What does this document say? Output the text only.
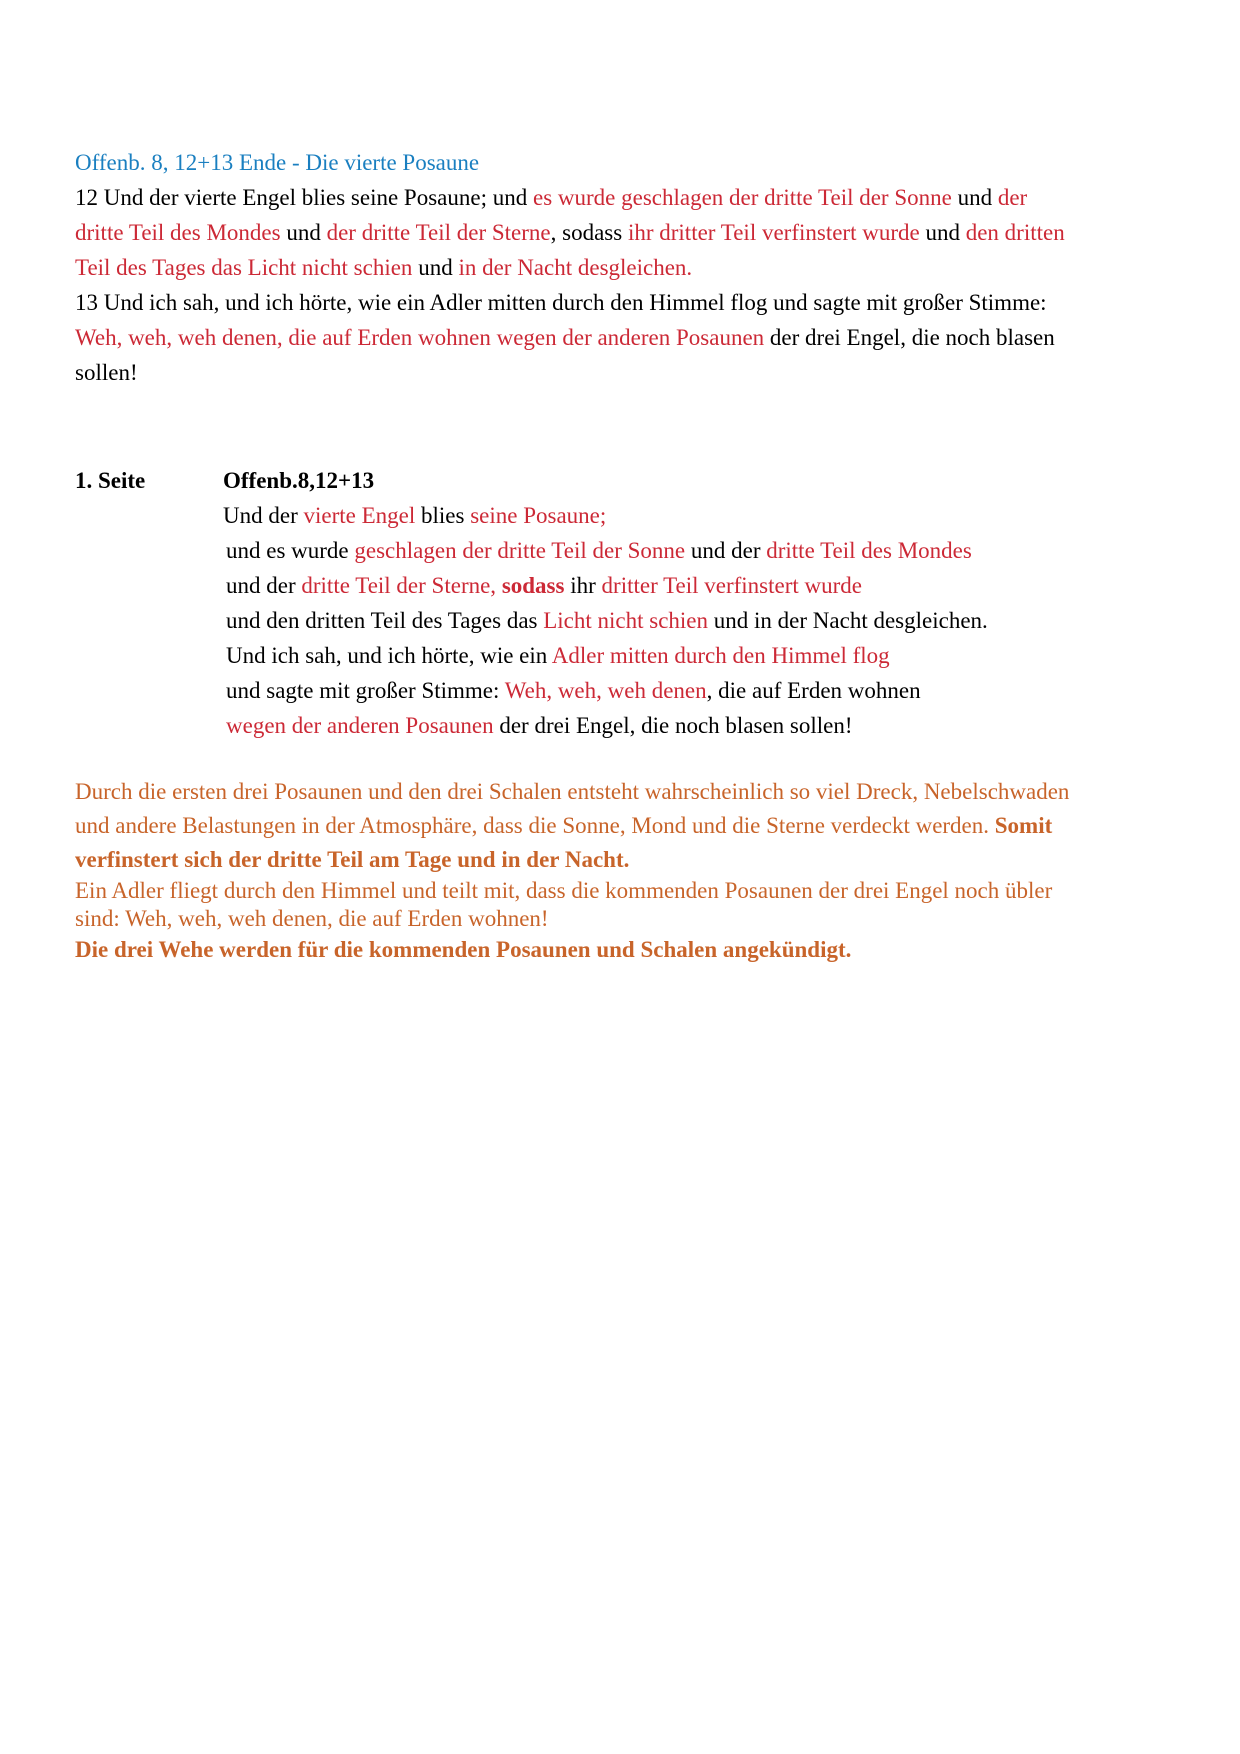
Offenb. 8, 12+13 Ende - Die vierte Posaune
12 Und der vierte Engel blies seine Posaune; und es wurde geschlagen der dritte Teil der Sonne und der
dritte Teil des Mondes und der dritte Teil der Sterne, sodass ihr dritter Teil verfinstert wurde und den dritten
Teil des Tages das Licht nicht schien und in der Nacht desgleichen.
13 Und ich sah, und ich hörte, wie ein Adler mitten durch den Himmel flog und sagte mit großer Stimme:
Weh, weh, weh denen, die auf Erden wohnen wegen der anderen Posaunen der drei Engel, die noch blasen
sollen!
1. Seite	Offenb.8,12+13
Und der vierte Engel blies seine Posaune;
und es wurde geschlagen der dritte Teil der Sonne und der dritte Teil des Mondes
und der dritte Teil der Sterne, sodass ihr dritter Teil verfinstert wurde
und den dritten Teil des Tages das Licht nicht schien und in der Nacht desgleichen.
Und ich sah, und ich hörte, wie ein Adler mitten durch den Himmel flog
und sagte mit großer Stimme: Weh, weh, weh denen, die auf Erden wohnen
wegen der anderen Posaunen der drei Engel, die noch blasen sollen!
Durch die ersten drei Posaunen und den drei Schalen entsteht wahrscheinlich so viel Dreck, Nebelschwaden
und andere Belastungen in der Atmosphäre, dass die Sonne, Mond und die Sterne verdeckt werden. Somit
verfinstert sich der dritte Teil am Tage und in der Nacht.
Ein Adler fliegt durch den Himmel und teilt mit, dass die kommenden Posaunen der drei Engel noch übler
sind: Weh, weh, weh denen, die auf Erden wohnen!
Die drei Wehe werden für die kommenden Posaunen und Schalen angekündigt.
